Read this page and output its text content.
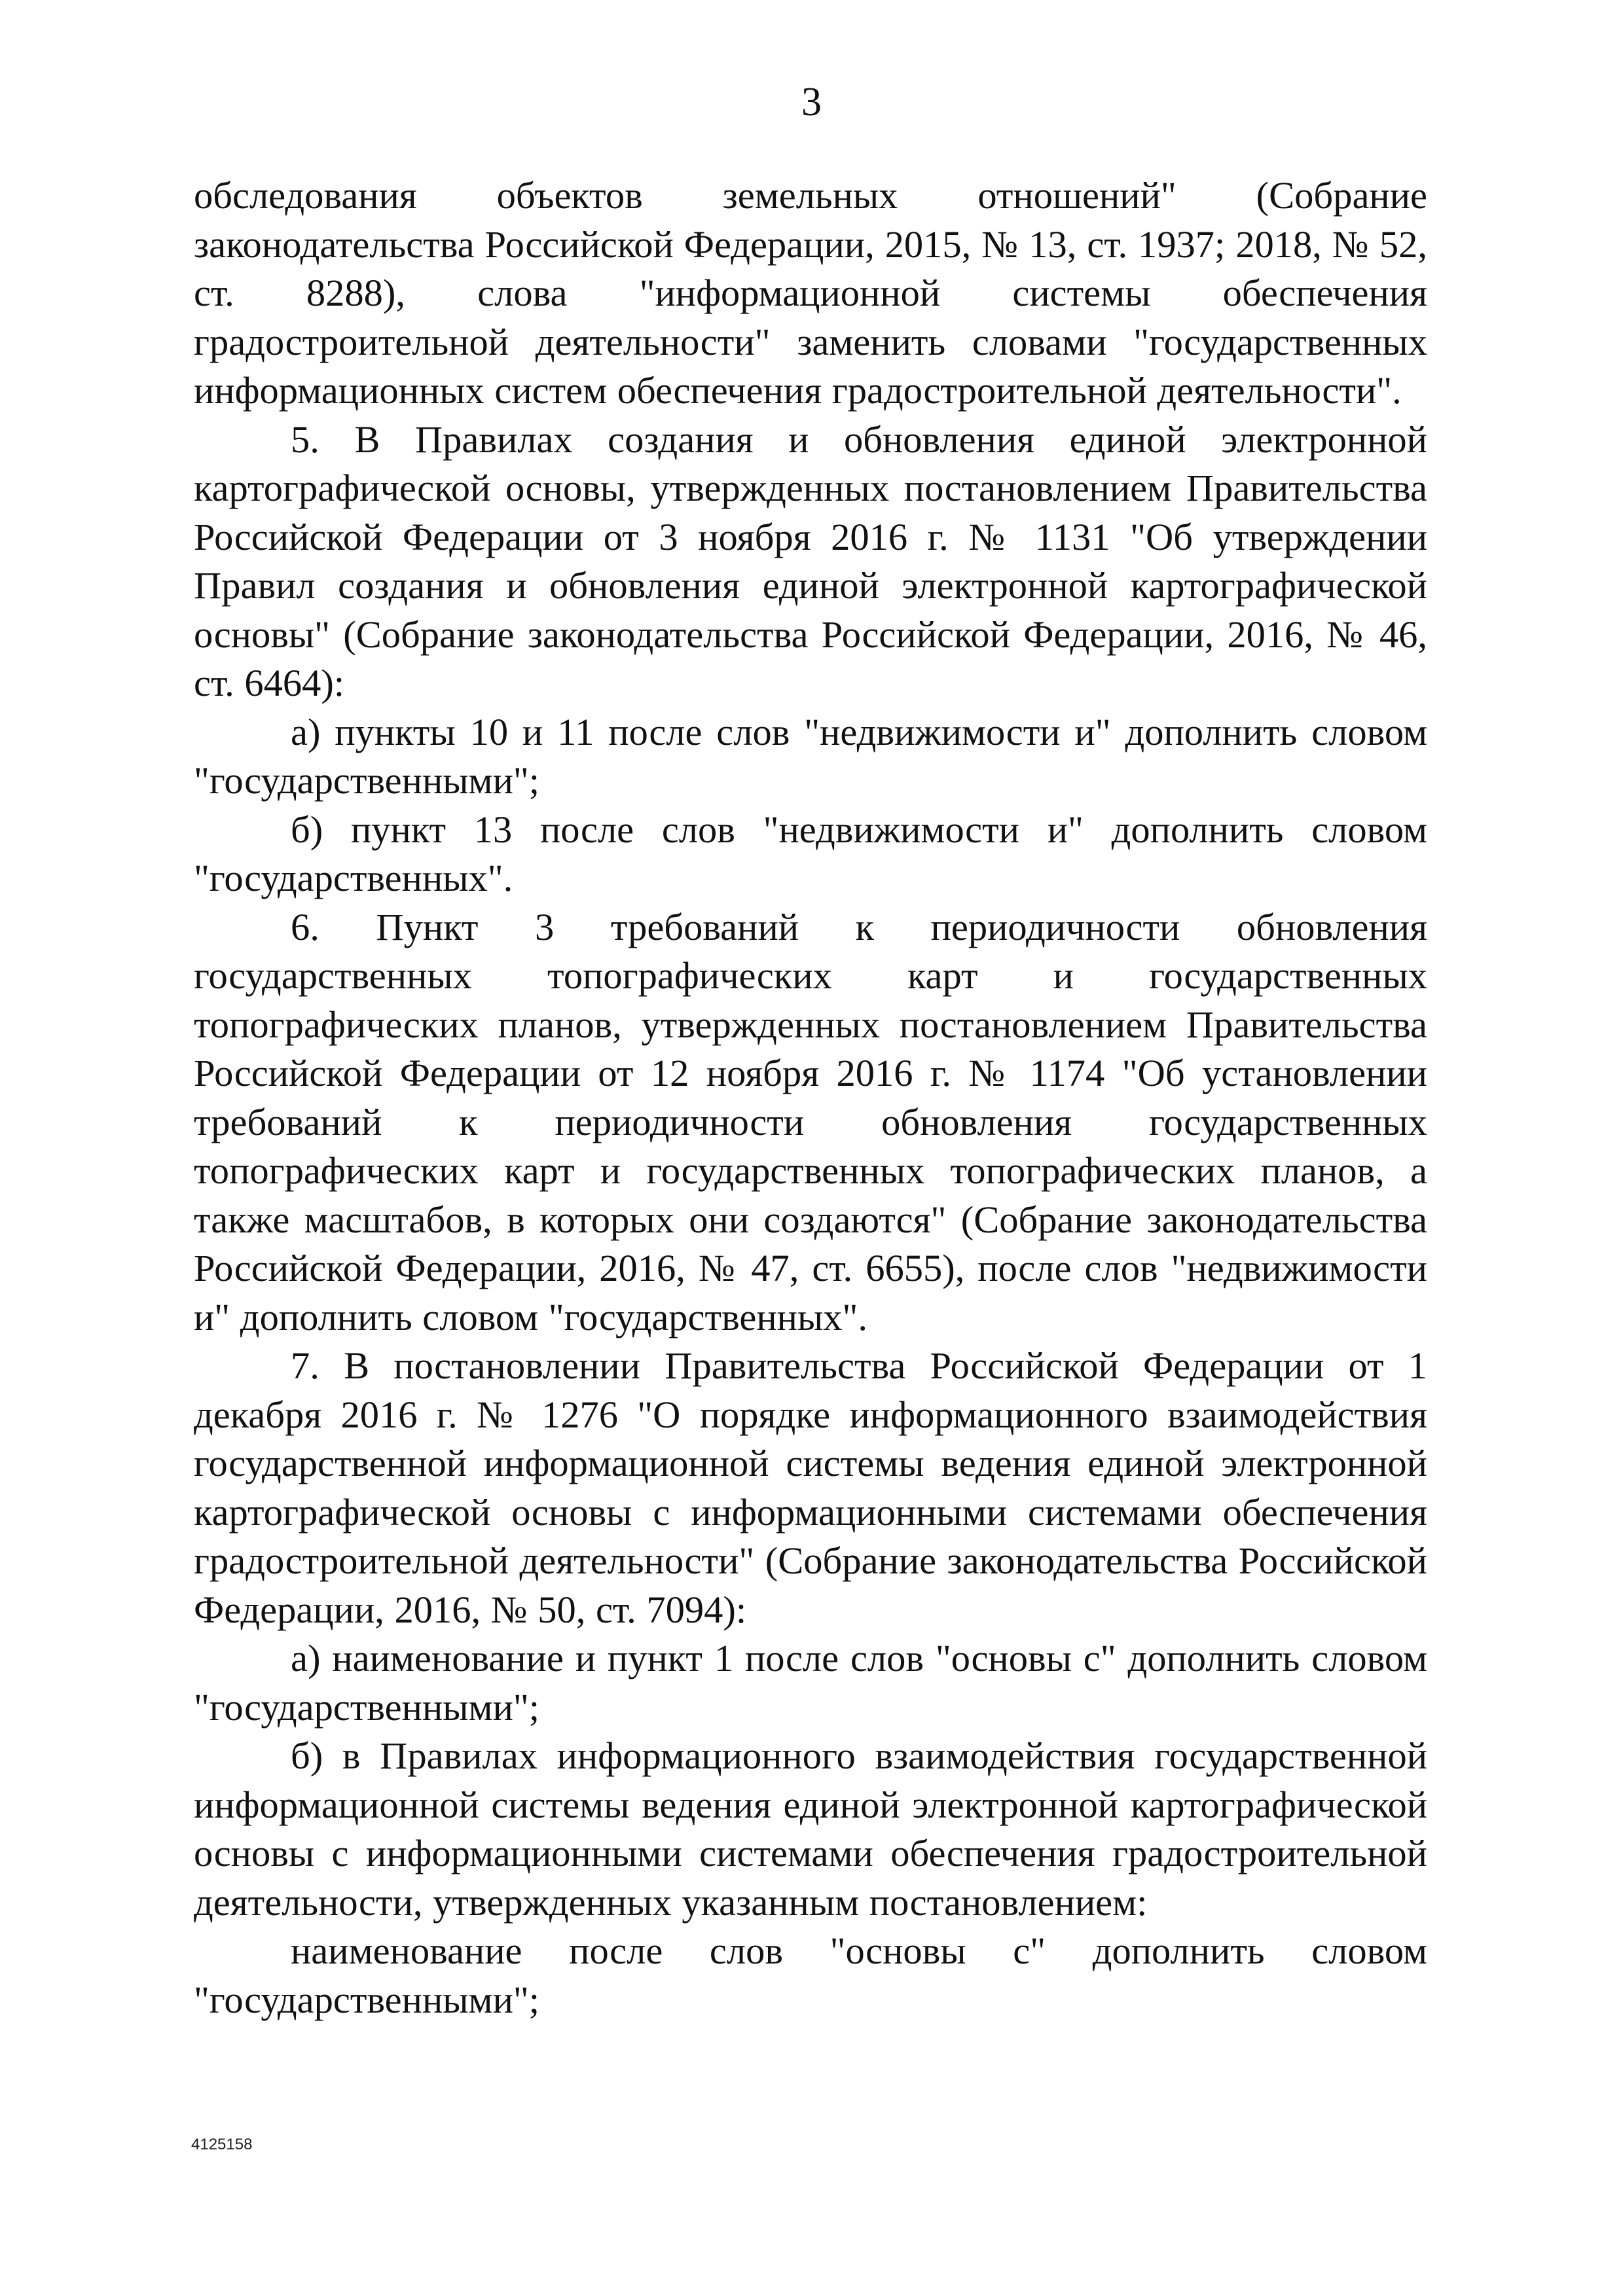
3

обследования объектов земельных отношений" (Собрание законодательства Российской Федерации, 2015, № 13, ст. 1937; 2018, № 52, ст. 8288), слова "информационной системы обеспечения градостроительной деятельности" заменить словами "государственных информационных систем обеспечения градостроительной деятельности".

5. В Правилах создания и обновления единой электронной картографической основы, утвержденных постановлением Правительства Российской Федерации от 3 ноября 2016 г. № 1131 "Об утверждении Правил создания и обновления единой электронной картографической основы" (Собрание законодательства Российской Федерации, 2016, № 46, ст. 6464):

а) пункты 10 и 11 после слов "недвижимости и" дополнить словом "государственными";

б) пункт 13 после слов "недвижимости и" дополнить словом "государственных".

6. Пункт 3 требований к периодичности обновления государственных топографических карт и государственных топографических планов, утвержденных постановлением Правительства Российской Федерации от 12 ноября 2016 г. № 1174 "Об установлении требований к периодичности обновления государственных топографических карт и государственных топографических планов, а также масштабов, в которых они создаются" (Собрание законодательства Российской Федерации, 2016, № 47, ст. 6655), после слов "недвижимости и" дополнить словом "государственных".

7. В постановлении Правительства Российской Федерации от 1 декабря 2016 г. № 1276 "О порядке информационного взаимодействия государственной информационной системы ведения единой электронной картографической основы с информационными системами обеспечения градостроительной деятельности" (Собрание законодательства Российской Федерации, 2016, № 50, ст. 7094):

а) наименование и пункт 1 после слов "основы с" дополнить словом "государственными";

б) в Правилах информационного взаимодействия государственной информационной системы ведения единой электронной картографической основы с информационными системами обеспечения градостроительной деятельности, утвержденных указанным постановлением:

наименование после слов "основы с" дополнить словом "государственными";

4125158
